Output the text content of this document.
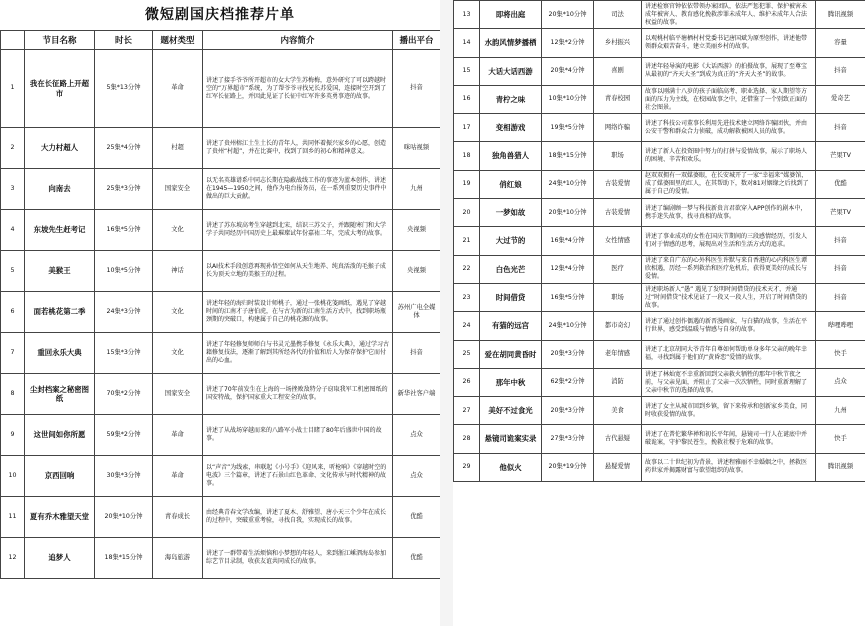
微短剧国庆档推荐片单
	节目名称	时长	题材类型	内容简介	播出平台
1	我在长征路上开超市	5集*13分钟	革命	讲述了接手爷爷所开超市的女大学生苏梅梅，意外研究了可以跨越时空的“万界超市”系统，为了帮爷爷寻找兄长苏爱国，连接时空开到了红军长征路上，并因此见证了长征中红军许多英勇事迹的故事。	抖音
2	大力村超人	25集*4分钟	村超	讲述了贵州榕江土生土长的青年人，共同怀着振兴家乡的心愿，创造了贵州“村超”，并在比赛中，找到了回乡的初心和精神意义。	咪咕视频
3	向南去	25集*3分钟	国家安全	以无名英雄谱系中同志长期在隐蔽战线工作的事迹为蓝本创作，讲述在1945—1950之间，他作为电台报务员，在一系列重要历史事件中做出的巨大贡献。	九州
4	东坡先生赶考记	16集*5分钟	文化	讲述了苏东坡高考生穿越到北宋，结识三苏父子，并跟随寒门和大学学子共同经历中国历史上最璀璨试年份嘉祐二年，完成大考的故事。	央视频
5	美猴王	10集*5分钟	神话	以AI技术手段创意再现孙悟空如何从天生地养、纯真活泼的毛猴子成长为顶天立地的美猴王的过程。	央视频
6	面若桃花第二季	24集*3分钟	文化	讲述年轻的海归时装设计师桃子，通过一张桃花笺画纸，遇见了穿越时间的江南才子唐伯虎，在与古为新的江南生活方式中，找到职场瓶颈期的突破口，构建属于自己的桃花源的故事。	苏州广电全媒体
7	重回永乐大典	15集*3分钟	文化	讲述了年轻修复师师白与书灵元墨携手修复《永乐大典》，通过学习古籍修复技法，逐渐了解到其所经各代的价值和后人为保存保护它而付出的心血。	抖音
8	尘封档案之秘密图纸	70集*2分钟	国家安全	讲述了70年前发生在上海的一场挫败敌特分子窃取我军工机密图纸的国安特战，保护国家重大工程安全的故事。	新华社客户端
9	这世间如你所愿	59集*2分钟	革命	讲述了从战场穿越而来的八路军小战士目睹了80年后盛世中国的故事。	点众
10	京西回响	30集*3分钟	革命	以“声音”为线索，串联起《小号手》《迎风来，听枪响》《穿越时空的电波》三个篇章，讲述了石景山红色革命、文化传承与时代精神的故事。	点众
11	夏有乔木雅望天堂	20集*10分钟	青春成长	由经典青春文学改编，讲述了夏木、舒雅望、唐小天三个少年在成长的过程中，突破重重考验，寻找自我，实现成长的故事。	优酷
12	追梦人	18集*15分钟	海岛旅游	讲述了一群带着生活烦恼和小梦想的年轻人，来到浙江嵊泗海岛参加综艺节目录制，收获友谊共同成长的故事。	优酷
13	即将出庭	20集*10分钟	司法	讲述检察官钟依依带领办案团队，依法严惩犯罪、保护被害未成年被害人、教育感化挽救涉罪未成年人、维护未成年人合法权益的故事。	腾讯视频
14	水韵风情梦播栖	12集*2分钟	乡村振兴	以观桃村临平塘栖村村党委书记唐国斌为原型创作，讲述他带领群众艰苦奋斗，建立美丽乡村的故事。	容量
15	大话大话西游	20集*4分钟	喜剧	讲述年轻导演的电影《大话西游》的拍摄故事，展现了至尊宝从最初的“齐天大圣”到成为真正的“齐天大圣”的故事。	抖音
16	青柠之味	10集*10分钟	青春校园	故事以刚满十八岁的孩子面临高考、职业选择、家人期望等方面的压力为主线，在校园故事之中，还借鉴了一个别致正面的社会图景。	爱奇艺
17	变相游戏	19集*5分钟	网络诈骗	讲述了科技公司董事长利用先进技术建立网络诈骗团伙，并由公安干警和群众合力侦破，成功解救被困人员的故事。	抖音
18	独角兽猎人	18集*15分钟	职场	讲述了新人在投资圈中努力的打拼与爱情故事，展示了职场人的困境、辛苦和欢乐。	芒果TV
19	俏红娘	24集*10分钟	古装爱情	赵双双拥有一双媒婆眼，在长安城开了一家“幸福来”媒婆馆，成了媒婆圈里的红人，在其帮助下，数对81对姻缘之后找到了属于自己的爱情。	优酷
20	一梦如故	20集*10分钟	古装爱情	讲述了编剧顾一梦与科技新贵言君欲穿入APP创作的剧本中，携手迷失故事，找寻真相的故事。	芒果TV
21	大过节的	16集*4分钟	女性情感	讲述了事业成功的女性在国庆节期间的三段感情经历，引发人们对于情感的思考，展现出对生活和生活方式的追求。	抖音
22	白色光芒	12集*4分钟	医疗	讲述了来自广东的心外科医生许默与来自香港的心内科医生谭欣相遇，历经一系列救治和医疗危机后，获得更美好的成长与爱情。	抖音
23	时间借贷	16集*5分钟	职场	讲述职场新人“愚” 遇见了发明时间借贷的技术天才，并通过“时间借贷”技术见证了一段又一段人生，开启了时间借贷的故事。	抖音
24	有猫的远宫	24集*10分钟	都市奇幻	讲述了通过创作偶遇的新晋漫画家，与白猫的故事，生活在平行世界，感受到温暖与情感与自身的故事。	哔哩哔哩
25	爱在胡同黄昏时	20集*3分钟	老年情感	讲述了北京胡同大爷青年自尊如何帮助单身多年父亲的晚年幸福，寻找到属于他们的“黄昏恋”爱情的故事。	快手
26	那年中秋	62集*2分钟	消防	讲述了林灿宽不幸重新回到父亲救火牺牲的那年中秋节夜之前，与父亲见面，并阻止了父亲一次次牺牲，同时重新理解了父亲中秋节的选择的故事。	点众
27	美好不过食光	20集*3分钟	美食	讲述了女主从城市回到乡镇，留下来传承和创新家乡美食，同时收获爱情的故事。	九州
28	悬镜司诡案实录	27集*3分钟	古代悬疑	讲述了在普佗繁华禅和初长平年间，悬镜司一行人在谜底中并破诡案，守护黎民苍生，挽救社稷于危难的故事。	快手
29	他似火	20集*19分钟	悬疑爱情	故事以二十世纪初为背景，讲述程雅丽不幸婚姻之中，拯救医药世家并揭露财富与欲望组织的故事。	腾讯视频
